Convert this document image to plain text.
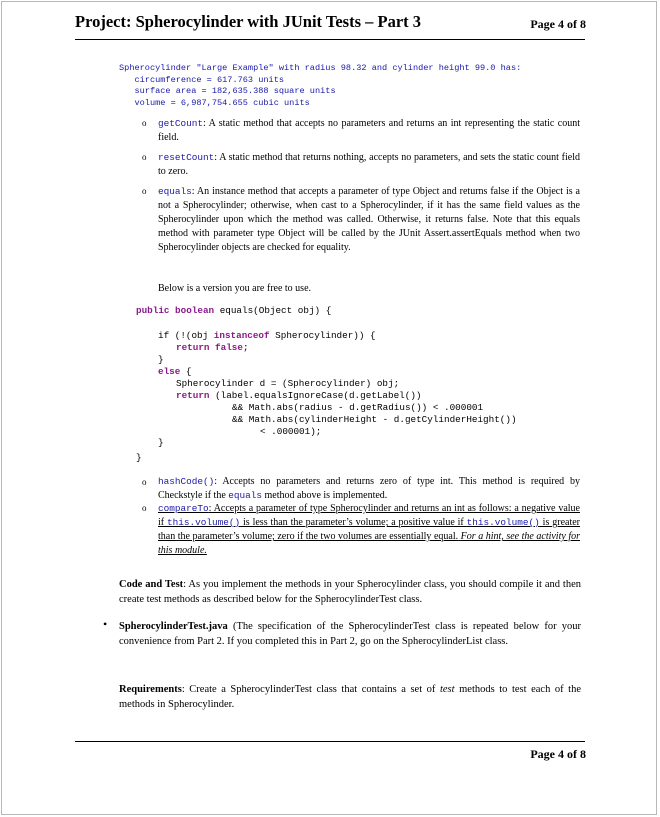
Project: Spherocylinder with JUnit Tests – Part 3	Page 4 of 8
Spherocylinder "Large Example" with radius 98.32 and cylinder height 99.0 has:
circumference = 617.763 units
surface area = 182,635.388 square units
volume = 6,987,754.655 cubic units
o getCount: A static method that accepts no parameters and returns an int representing the static count field.
o resetCount: A static method that returns nothing, accepts no parameters, and sets the static count field to zero.
o equals: An instance method that accepts a parameter of type Object and returns false if the Object is a not a Spherocylinder; otherwise, when cast to a Spherocylinder, if it has the same field values as the Spherocylinder upon which the method was called. Otherwise, it returns false. Note that this equals method with parameter type Object will be called by the JUnit Assert.assertEquals method when two Spherocylinder objects are checked for equality.
Below is a version you are free to use.
public boolean equals(Object obj) {
if (!(obj instanceof Spherocylinder)) {
return false;
}
else {
Spherocylinder d = (Spherocylinder) obj;
return (label.equalsIgnoreCase(d.getLabel())
&& Math.abs(radius - d.getRadius()) < .000001
&& Math.abs(cylinderHeight - d.getCylinderHeight())
< .000001);
}
}
o hashCode(): Accepts no parameters and returns zero of type int. This method is required by Checkstyle if the equals method above is implemented.
o compareTo: Accepts a parameter of type Spherocylinder and returns an int as follows: a negative value if this.volume() is less than the parameter’s volume; a positive value if this.volume() is greater than the parameter’s volume; zero if the two volumes are essentially equal. For a hint, see the activity for this module.
Code and Test: As you implement the methods in your Spherocylinder class, you should compile it and then create test methods as described below for the SpherocylinderTest class.
• SpherocylinderTest.java (The specification of the SpherocylinderTest class is repeated below for your convenience from Part 2. If you completed this in Part 2, go on the SpherocylinderList class.
Requirements: Create a SpherocylinderTest class that contains a set of test methods to test each of the methods in Spherocylinder.
Page 4 of 8
